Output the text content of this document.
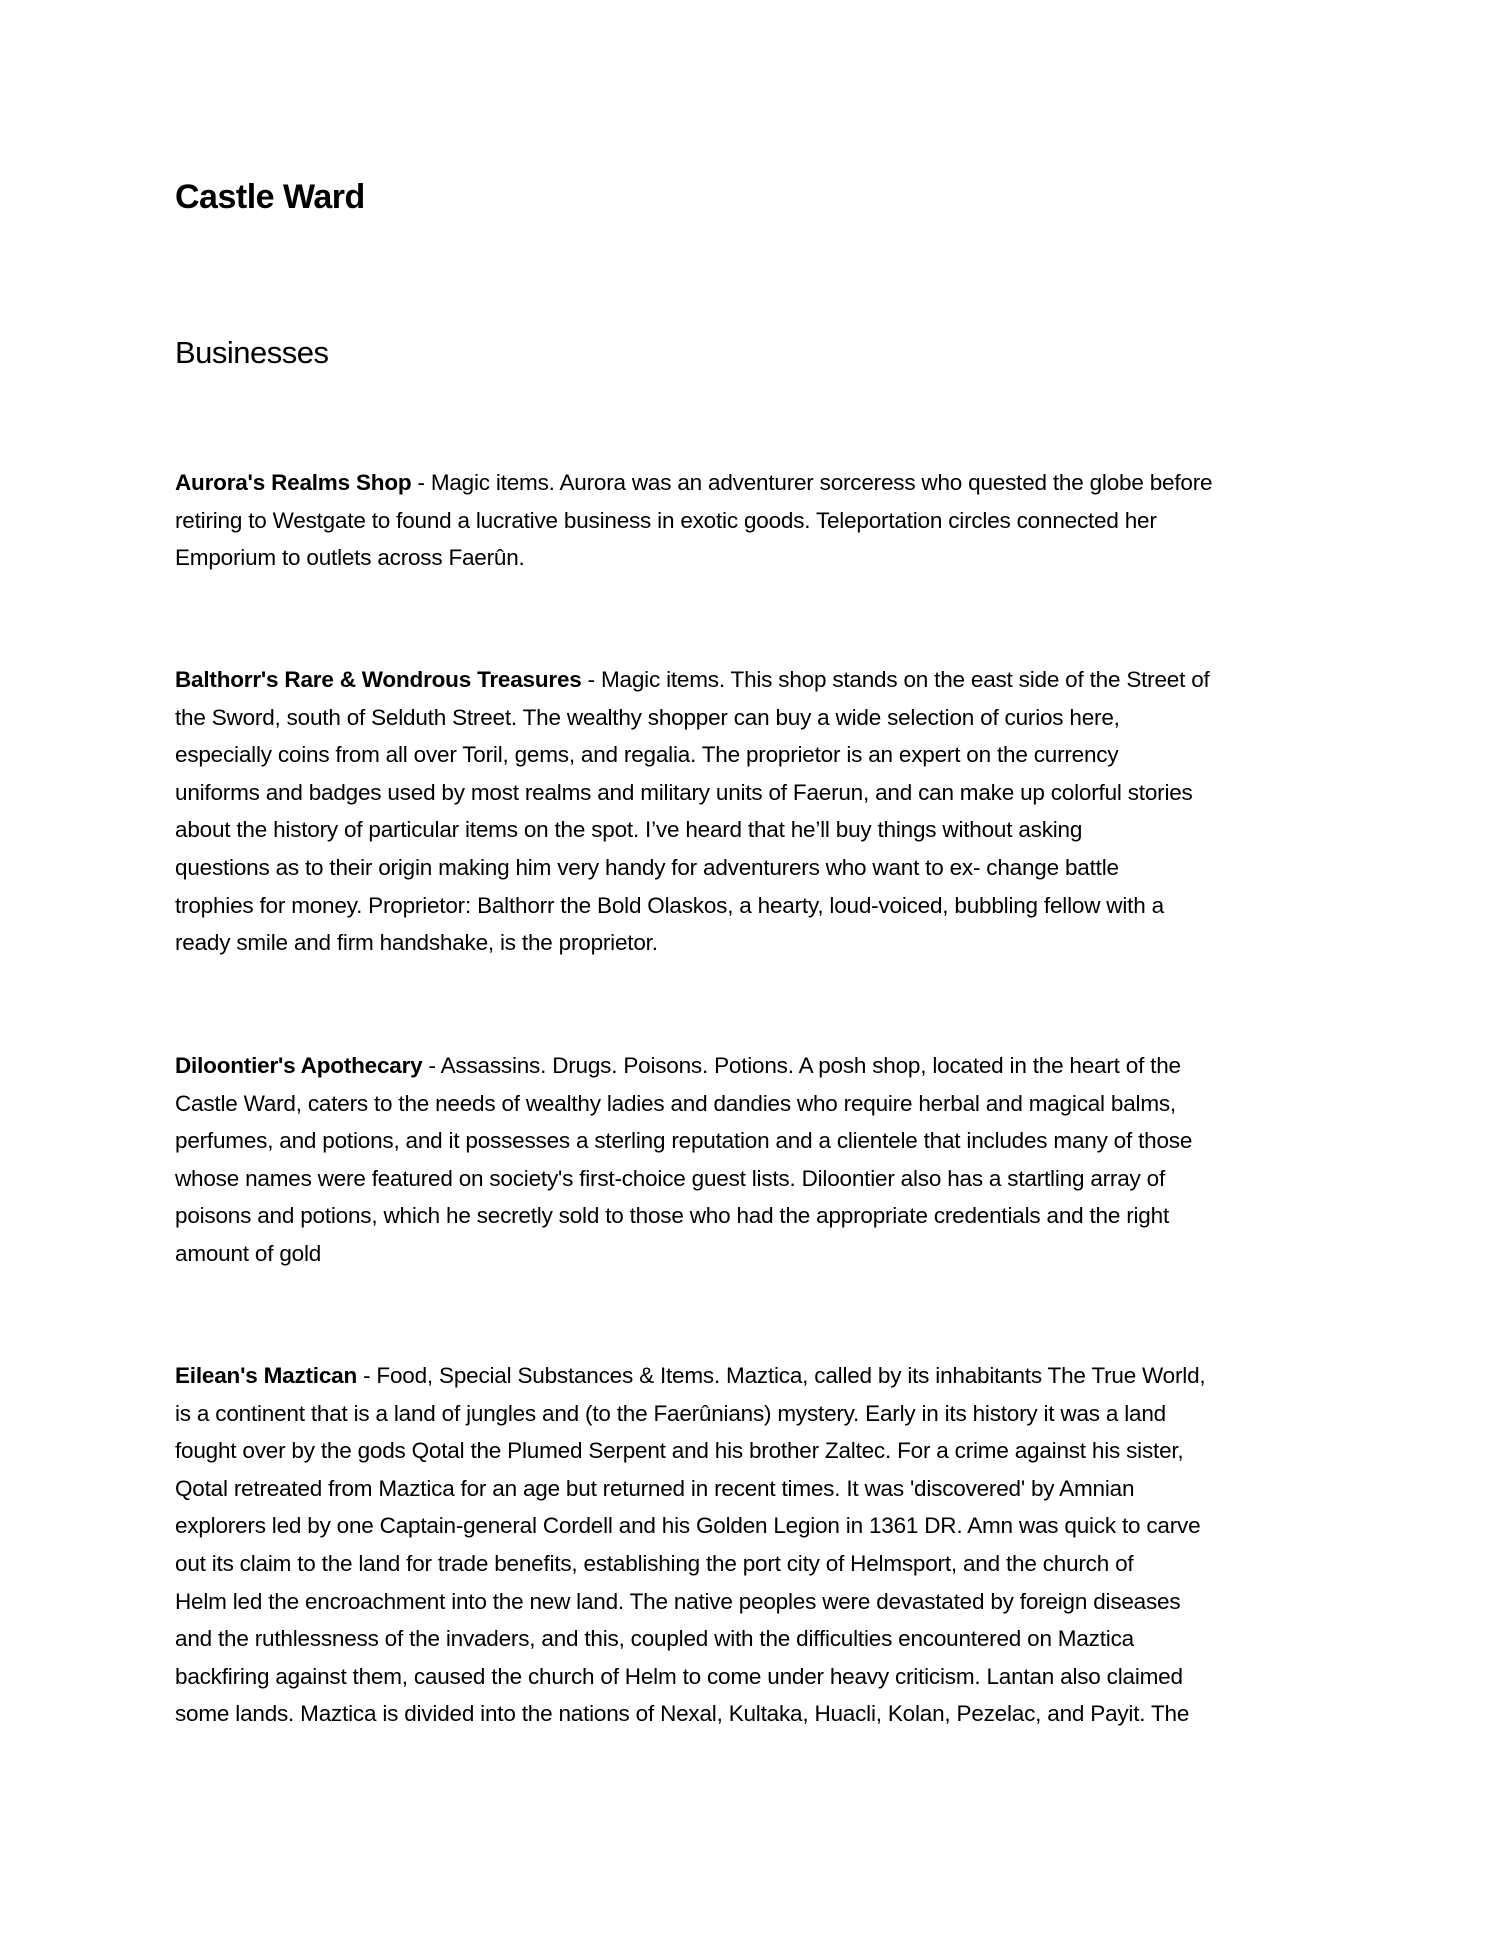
Castle Ward
Businesses
Aurora's Realms Shop - Magic items. Aurora was an adventurer sorceress who quested the globe before
retiring to Westgate to found a lucrative business in exotic goods. Teleportation circles connected her
Emporium to outlets across Faerûn.
Balthorr's Rare & Wondrous Treasures - Magic items. This shop stands on the east side of the Street of
the Sword, south of Selduth Street. The wealthy shopper can buy a wide selection of curios here,
especially coins from all over Toril, gems, and regalia. The proprietor is an expert on the currency
uniforms and badges used by most realms and military units of Faerun, and can make up colorful stories
about the history of particular items on the spot. I’ve heard that he’ll buy things without asking
questions as to their origin making him very handy for adventurers who want to ex- change battle
trophies for money. Proprietor: Balthorr the Bold Olaskos, a hearty, loud-voiced, bubbling fellow with a
ready smile and firm handshake, is the proprietor.
Diloontier's Apothecary - Assassins. Drugs. Poisons. Potions. A posh shop, located in the heart of the
Castle Ward, caters to the needs of wealthy ladies and dandies who require herbal and magical balms,
perfumes, and potions, and it possesses a sterling reputation and a clientele that includes many of those
whose names were featured on society's first-choice guest lists. Diloontier also has a startling array of
poisons and potions, which he secretly sold to those who had the appropriate credentials and the right
amount of gold
Eilean's Maztican - Food, Special Substances & Items. Maztica, called by its inhabitants The True World,
is a continent that is a land of jungles and (to the Faerûnians) mystery. Early in its history it was a land
fought over by the gods Qotal the Plumed Serpent and his brother Zaltec. For a crime against his sister,
Qotal retreated from Maztica for an age but returned in recent times. It was 'discovered' by Amnian
explorers led by one Captain-general Cordell and his Golden Legion in 1361 DR. Amn was quick to carve
out its claim to the land for trade benefits, establishing the port city of Helmsport, and the church of
Helm led the encroachment into the new land. The native peoples were devastated by foreign diseases
and the ruthlessness of the invaders, and this, coupled with the difficulties encountered on Maztica
backfiring against them, caused the church of Helm to come under heavy criticism. Lantan also claimed
some lands. Maztica is divided into the nations of Nexal, Kultaka, Huacli, Kolan, Pezelac, and Payit. The
